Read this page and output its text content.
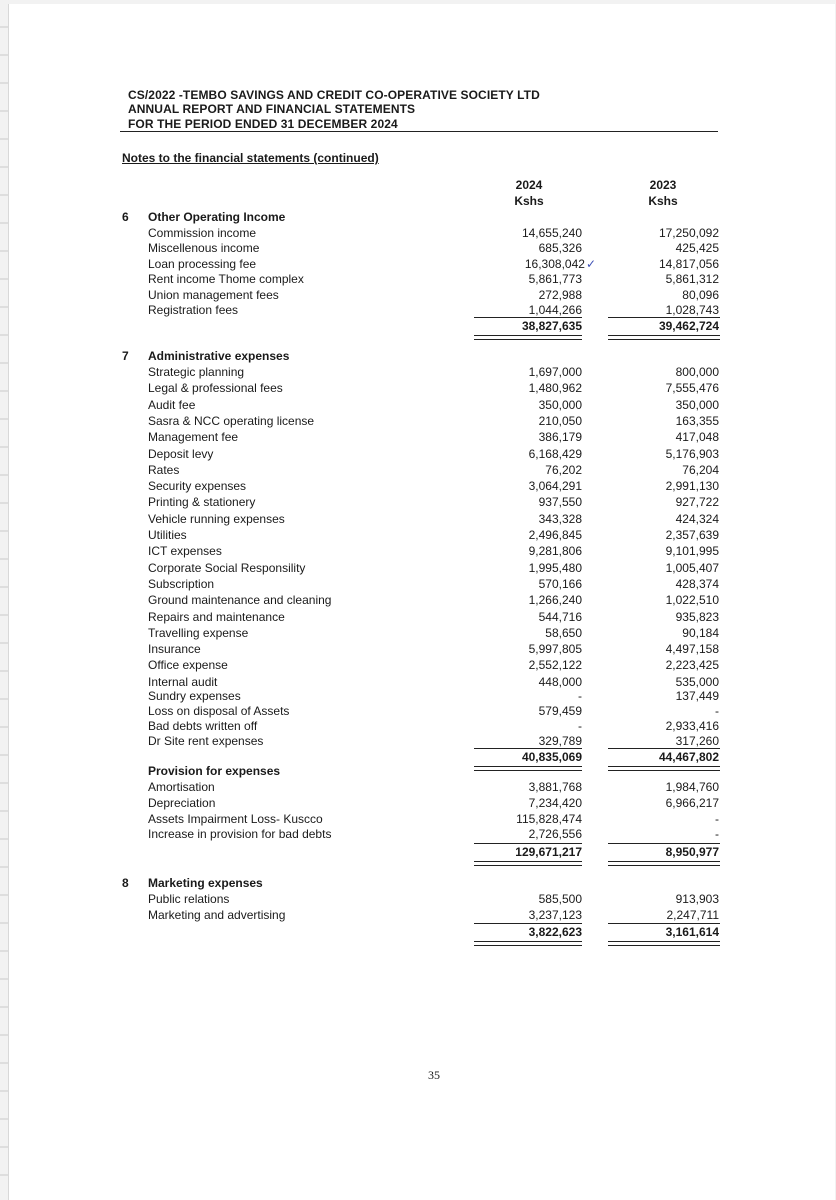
CS/2022 -TEMBO SAVINGS AND CREDIT CO-OPERATIVE SOCIETY LTD
ANNUAL REPORT AND FINANCIAL STATEMENTS
FOR THE PERIOD ENDED 31 DECEMBER 2024
Notes to the financial statements (continued)
2024
Kshs
2023
Kshs
6 Other Operating Income
Commission income	14,655,240	17,250,092
Miscellenous income	685,326	425,425
Loan processing fee	16,308,042✓	14,817,056
Rent income Thome complex	5,861,773	5,861,312
Union management fees	272,988	80,096
Registration fees	1,044,266	1,028,743
38,827,635	39,462,724
7 Administrative expenses
Strategic planning	1,697,000	800,000
Legal & professional fees	1,480,962	7,555,476
Audit fee	350,000	350,000
Sasra & NCC operating license	210,050	163,355
Management fee	386,179	417,048
Deposit levy	6,168,429	5,176,903
Rates	76,202	76,204
Security expenses	3,064,291	2,991,130
Printing & stationery	937,550	927,722
Vehicle running expenses	343,328	424,324
Utilities	2,496,845	2,357,639
ICT expenses	9,281,806	9,101,995
Corporate Social Responsility	1,995,480	1,005,407
Subscription	570,166	428,374
Ground maintenance and cleaning	1,266,240	1,022,510
Repairs and maintenance	544,716	935,823
Travelling expense	58,650	90,184
Insurance	5,997,805	4,497,158
Office expense	2,552,122	2,223,425
Internal audit	448,000	535,000
Sundry expenses	-	137,449
Loss on disposal of Assets	579,459	-
Bad debts written off	-	2,933,416
Dr Site rent expenses	329,789	317,260
40,835,069	44,467,802
Provision for expenses
Amortisation	3,881,768	1,984,760
Depreciation	7,234,420	6,966,217
Assets Impairment Loss- Kuscco	115,828,474	-
Increase in provision for bad debts	2,726,556	-
129,671,217	8,950,977
8 Marketing expenses
Public relations	585,500	913,903
Marketing and advertising	3,237,123	2,247,711
3,822,623	3,161,614
35
